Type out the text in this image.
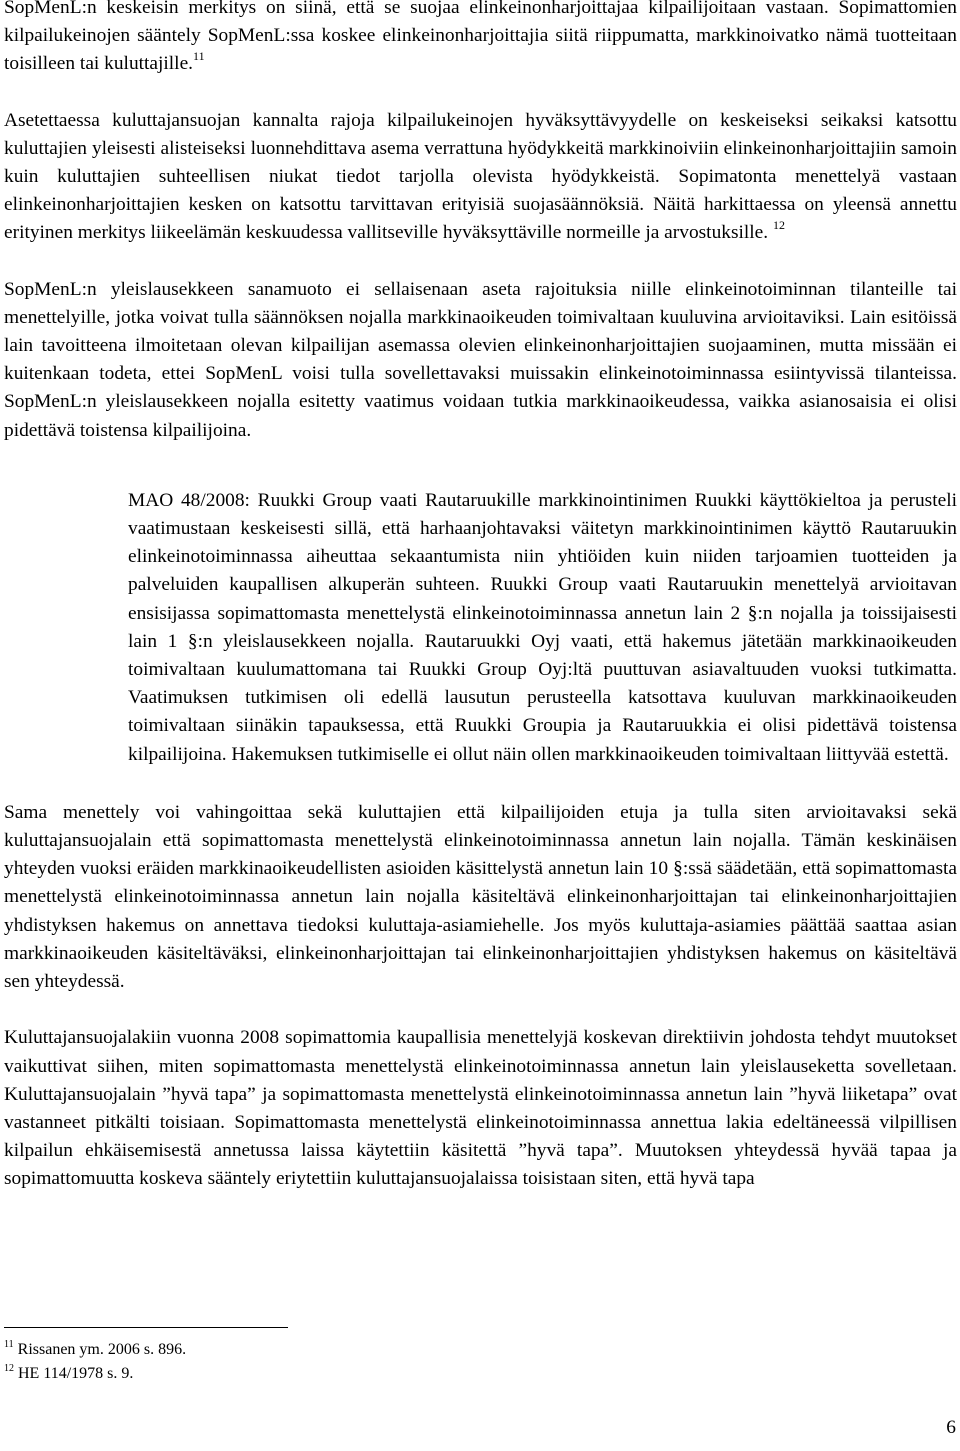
SopMenL:n keskeisin merkitys on siinä, että se suojaa elinkeinonharjoittajaa kilpailijoitaan vastaan. Sopimattomien kilpailukeinojen sääntely SopMenL:ssa koskee elinkeinonharjoittajia siitä riippumatta, markkinoivatko nämä tuotteitaan toisilleen tai kuluttajille.$^{11}$

Asetettaessa kuluttajansuojan kannalta rajoja kilpailukeinojen hyväksyttävyydelle on keskeiseksi seikaksi katsottu kuluttajien yleisesti alisteiseksi luonnehdittava asema verrattuna hyödykkeitä markkinoiviin elinkeinonharjoittajiin samoin kuin kuluttajien suhteellisen niukat tiedot tarjolla olevista hyödykkeistä. Sopimatonta menettelyä vastaan elinkeinonharjoittajien kesken on katsottu tarvittavan erityisiä suojasäännöksiä. Näitä harkittaessa on yleensä annettu erityinen merkitys liikeelämän keskuudessa vallitseville hyväksyttäville normeille ja arvostuksille. $^{12}$

SopMenL:n yleislausekkeen sanamuoto ei sellaisenaan aseta rajoituksia niille elinkeinotoiminnan tilanteille tai menettelyille, jotka voivat tulla säännöksen nojalla markkinaoikeuden toimivaltaan kuuluvina arvioitaviksi. Lain esitöissä lain tavoitteena ilmoitetaan olevan kilpailijan asemassa olevien elinkeinonharjoittajien suojaaminen, mutta missään ei kuitenkaan todeta, ettei SopMenL voisi tulla sovellettavaksi muissakin elinkeinotoiminnassa esiintyvissä tilanteissa. SopMenL:n yleislausekkeen nojalla esitetty vaatimus voidaan tutkia markkinaoikeudessa, vaikka asianosaisia ei olisi pidettävä toistensa kilpailijoina.

MAO 48/2008: Ruukki Group vaati Rautaruukille markkinointinimen Ruukki käyttökieltoa ja perusteli vaatimustaan keskeisesti sillä, että harhaanjohtavaksi väitetyn markkinointinimen käyttö Rautaruukin elinkeinotoiminnassa aiheuttaa sekaantumista niin yhtiöiden kuin niiden tarjoamien tuotteiden ja palveluiden kaupallisen alkuperän suhteen. Ruukki Group vaati Rautaruukin menettelyä arvioitavan ensisijassa sopimattomasta menettelystä elinkeinotoiminnassa annetun lain 2 §:n nojalla ja toissijaisesti lain 1 §:n yleislausekkeen nojalla. Rautaruukki Oyj vaati, että hakemus jätetään markkinaoikeuden toimivaltaan kuulumattomana tai Ruukki Group Oyj:ltä puuttuvan asiavaltuuden vuoksi tutkimatta. Vaatimuksen tutkimisen oli edellä lausutun perusteella katsottava kuuluvan markkinaoikeuden toimivaltaan siinäkin tapauksessa, että Ruukki Groupia ja Rautaruukkia ei olisi pidettävä toistensa kilpailijoina. Hakemuksen tutkimiselle ei ollut näin ollen markkinaoikeuden toimivaltaan liittyvää estettä.

Sama menettely voi vahingoittaa sekä kuluttajien että kilpailijoiden etuja ja tulla siten arvioitavaksi sekä kuluttajansuojalain että sopimattomasta menettelystä elinkeinotoiminnassa annetun lain nojalla. Tämän keskinäisen yhteyden vuoksi eräiden markkinaoikeudellisten asioiden käsittelystä annetun lain 10 §:ssä säädetään, että sopimattomasta menettelystä elinkeinotoiminnassa annetun lain nojalla käsiteltävä elinkeinonharjoittajan tai elinkeinonharjoittajien yhdistyksen hakemus on annettava tiedoksi kuluttaja-asiamiehelle. Jos myös kuluttaja-asiamies päättää saattaa asian markkinaoikeuden käsiteltäväksi, elinkeinonharjoittajan tai elinkeinonharjoittajien yhdistyksen hakemus on käsiteltävä sen yhteydessä.

Kuluttajansuojalakiin vuonna 2008 sopimattomia kaupallisia menettelyjä koskevan direktiivin johdosta tehdyt muutokset vaikuttivat siihen, miten sopimattomasta menettelystä elinkeinotoiminnassa annetun lain yleislauseketta sovelletaan. Kuluttajansuojalain ”hyvä tapa” ja sopimattomasta menettelystä elinkeinotoiminnassa annetun lain ”hyvä liiketapa” ovat vastanneet pitkälti toisiaan. Sopimattomasta menettelystä elinkeinotoiminnassa annettua lakia edeltäneessä vilpillisen kilpailun ehkäisemisestä annetussa laissa käytettiin käsitettä ”hyvä tapa”. Muutoksen yhteydessä hyvää tapaa ja sopimattomuutta koskeva sääntely eriytettiin kuluttajansuojalaissa toisistaan siten, että hyvä tapa

$^{11}$ Rissanen ym. 2006 s. 896.
$^{12}$ HE 114/1978 s. 9.
6
